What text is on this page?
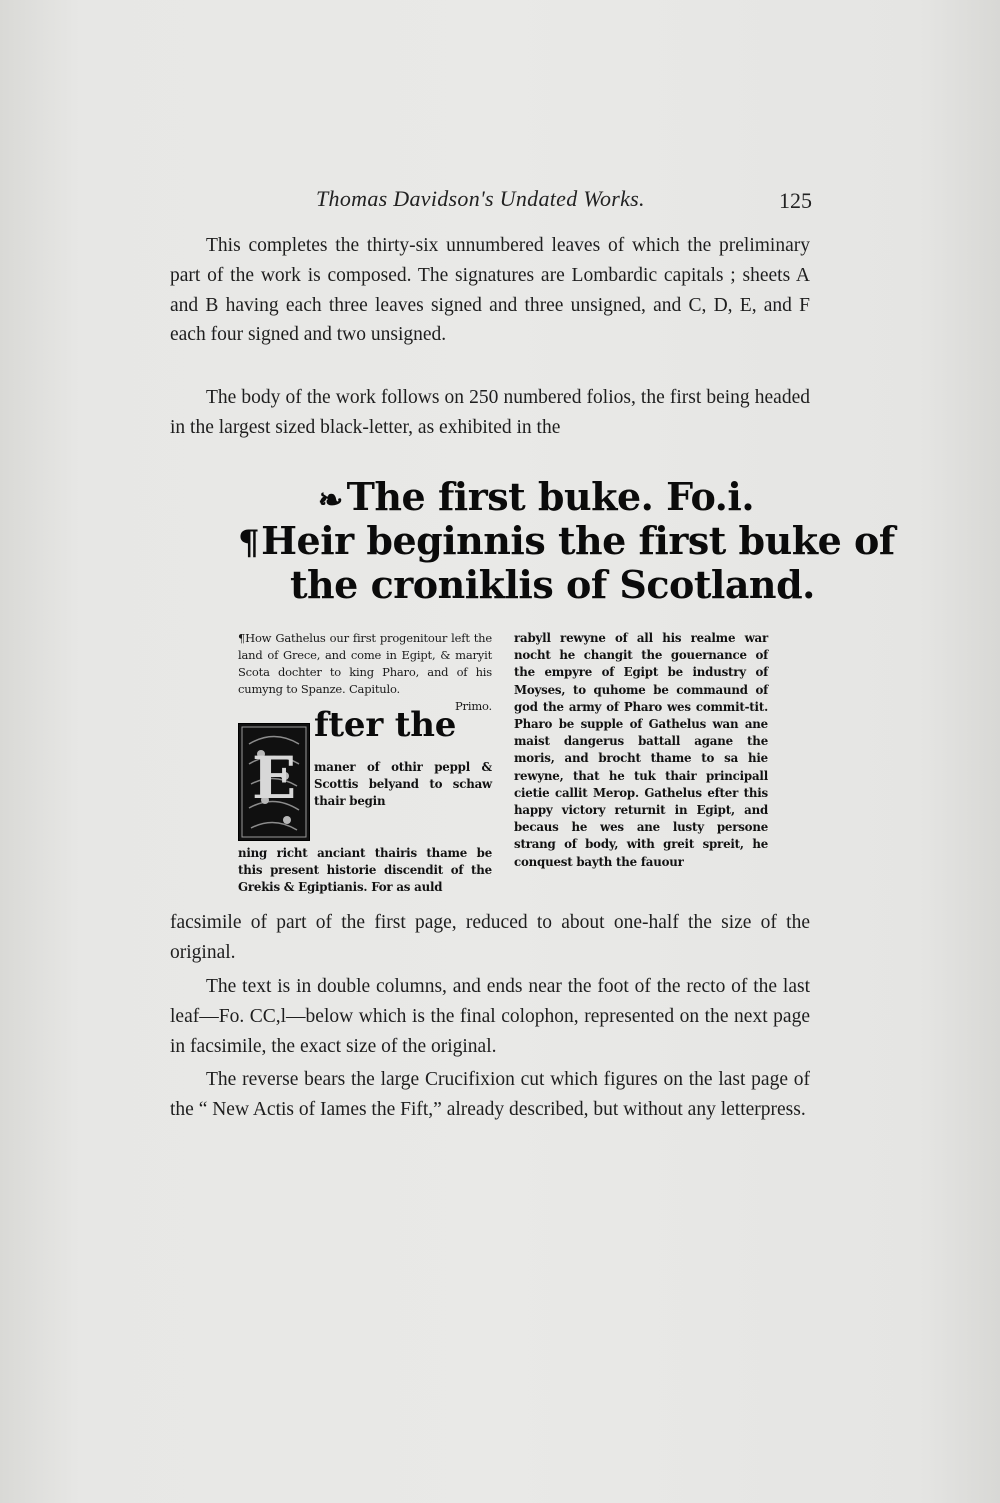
Thomas Davidson's Undated Works.	125

This completes the thirty-six unnumbered leaves of which the preliminary part of the work is composed. The signatures are Lombardic capitals ; sheets A and B having each three leaves signed and three unsigned, and C, D, E, and F each four signed and two unsigned.

The body of the work follows on 250 numbered folios, the first being headed in the largest sized black-letter, as exhibited in the

❧ The first buke. Fo.i.
¶Heir beginnis the first buke of
the croniklis of Scotland.

¶How Gathelus our first progenitour left the land of Grece, and come in Egipt, & maryit Scota dochter to king Pharo, and of his cumyng to Spanze. Capitulo.
Primo.

E
fter the
maner of othir peppl & Scottis belyand to schaw thair begin

ning richt anciant thairis thame be this present historie discendit of the Grekis & Egiptianis. For as auld

rabyll rewyne of all his realme war nocht he changit the gouernance of the empyre of Egipt be industry of Moyses, to quhome be commaund of god the army of Pharo wes commit-tit. Pharo be supple of Gathelus wan ane maist dangerus battall agane the moris, and brocht thame to sa hie rewyne, that he tuk thair principall cietie callit Merop. Gathelus efter this happy victory returnit in Egipt, and becaus he wes ane lusty persone strang of body, with greit spreit, he conquest bayth the fauour

facsimile of part of the first page, reduced to about one-half the size of the original.

The text is in double columns, and ends near the foot of the recto of the last leaf—Fo. CC,l—below which is the final colophon, represented on the next page in facsimile, the exact size of the original.

The reverse bears the large Crucifixion cut which figures on the last page of the “ New Actis of Iames the Fift,” already described, but without any letterpress.
